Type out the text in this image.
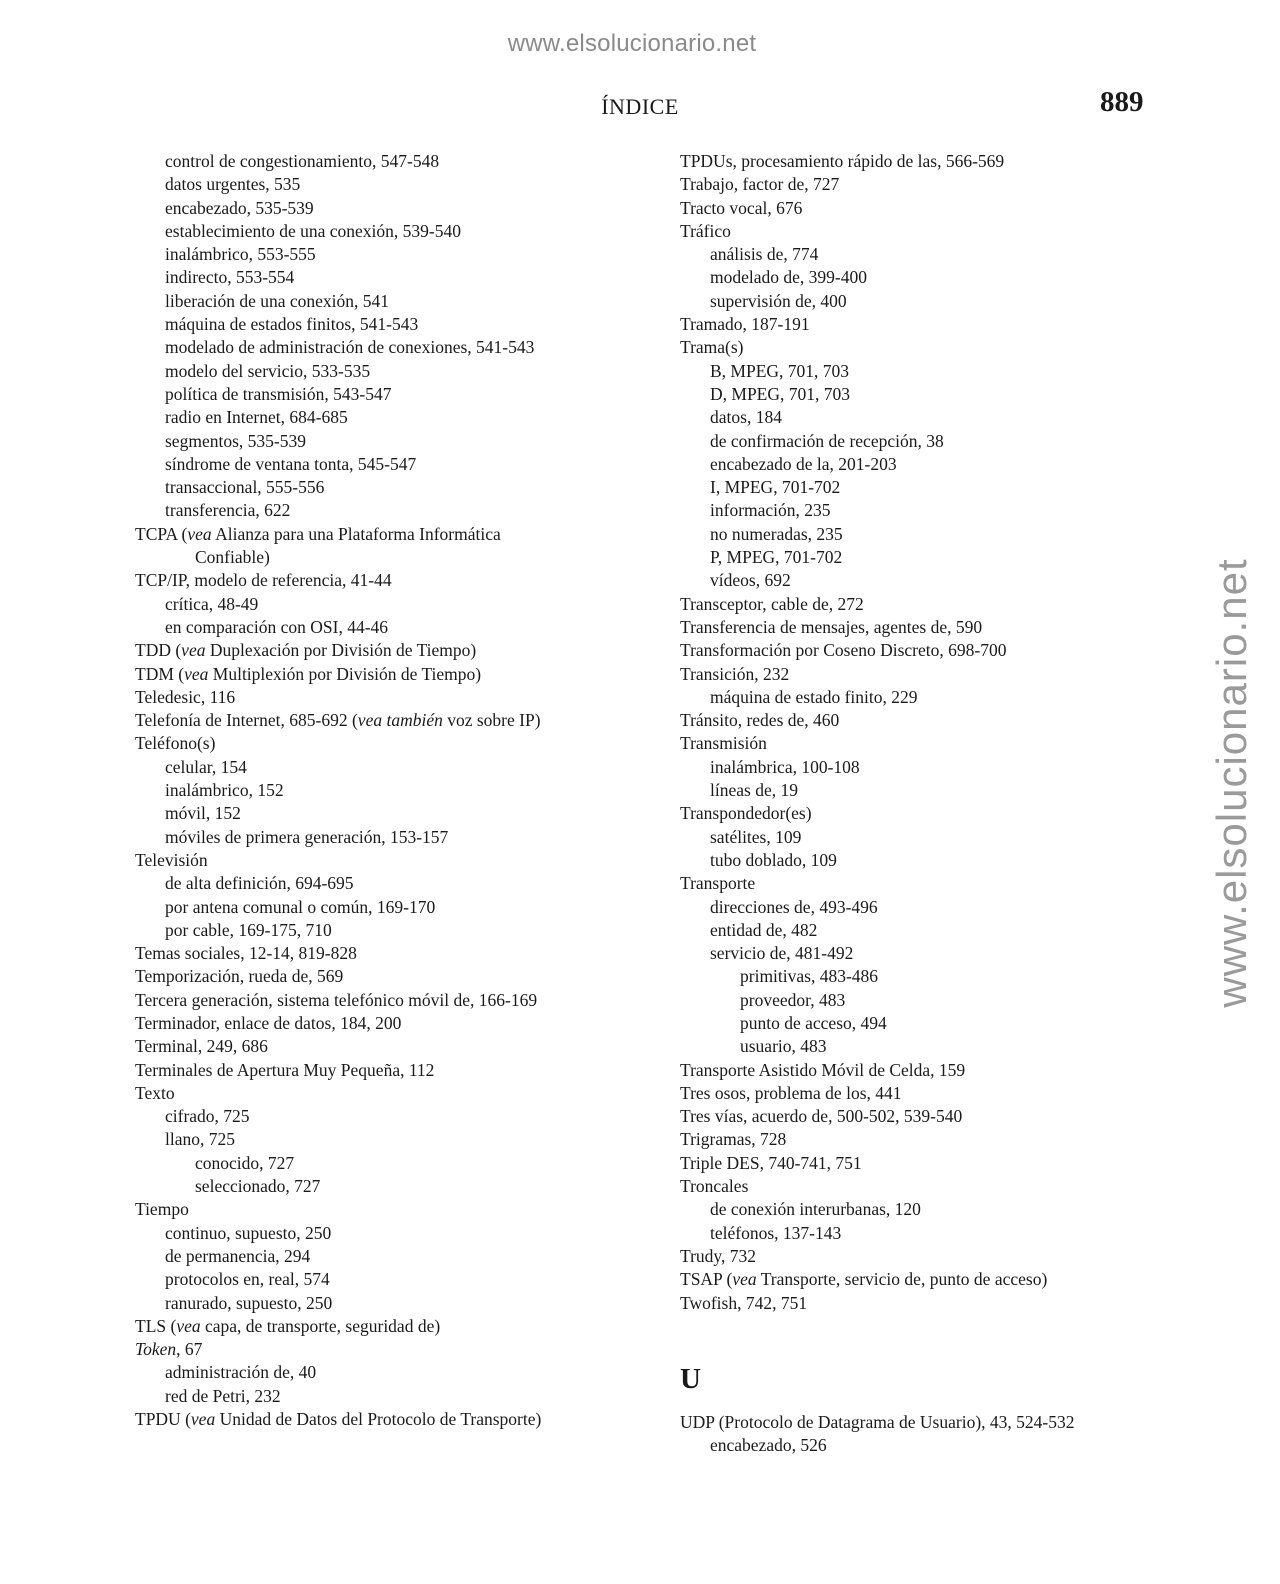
www.elsolucionario.net
www.elsolucionario.net
ÍNDICE	889
control de congestionamiento, 547-548
datos urgentes, 535
encabezado, 535-539
establecimiento de una conexión, 539-540
inalámbrico, 553-555
indirecto, 553-554
liberación de una conexión, 541
máquina de estados finitos, 541-543
modelado de administración de conexiones, 541-543
modelo del servicio, 533-535
política de transmisión, 543-547
radio en Internet, 684-685
segmentos, 535-539
síndrome de ventana tonta, 545-547
transaccional, 555-556
transferencia, 622
TCPA (vea Alianza para una Plataforma Informática
Confiable)
TCP/IP, modelo de referencia, 41-44
crítica, 48-49
en comparación con OSI, 44-46
TDD (vea Duplexación por División de Tiempo)
TDM (vea Multiplexión por División de Tiempo)
Teledesic, 116
Telefonía de Internet, 685-692 (vea también voz sobre IP)
Teléfono(s)
celular, 154
inalámbrico, 152
móvil, 152
móviles de primera generación, 153-157
Televisión
de alta definición, 694-695
por antena comunal o común, 169-170
por cable, 169-175, 710
Temas sociales, 12-14, 819-828
Temporización, rueda de, 569
Tercera generación, sistema telefónico móvil de, 166-169
Terminador, enlace de datos, 184, 200
Terminal, 249, 686
Terminales de Apertura Muy Pequeña, 112
Texto
cifrado, 725
llano, 725
conocido, 727
seleccionado, 727
Tiempo
continuo, supuesto, 250
de permanencia, 294
protocolos en, real, 574
ranurado, supuesto, 250
TLS (vea capa, de transporte, seguridad de)
Token, 67
administración de, 40
red de Petri, 232
TPDU (vea Unidad de Datos del Protocolo de Transporte)
TPDUs, procesamiento rápido de las, 566-569
Trabajo, factor de, 727
Tracto vocal, 676
Tráfico
análisis de, 774
modelado de, 399-400
supervisión de, 400
Tramado, 187-191
Trama(s)
B, MPEG, 701, 703
D, MPEG, 701, 703
datos, 184
de confirmación de recepción, 38
encabezado de la, 201-203
I, MPEG, 701-702
información, 235
no numeradas, 235
P, MPEG, 701-702
vídeos, 692
Transceptor, cable de, 272
Transferencia de mensajes, agentes de, 590
Transformación por Coseno Discreto, 698-700
Transición, 232
máquina de estado finito, 229
Tránsito, redes de, 460
Transmisión
inalámbrica, 100-108
líneas de, 19
Transpondedor(es)
satélites, 109
tubo doblado, 109
Transporte
direcciones de, 493-496
entidad de, 482
servicio de, 481-492
primitivas, 483-486
proveedor, 483
punto de acceso, 494
usuario, 483
Transporte Asistido Móvil de Celda, 159
Tres osos, problema de los, 441
Tres vías, acuerdo de, 500-502, 539-540
Trigramas, 728
Triple DES, 740-741, 751
Troncales
de conexión interurbanas, 120
teléfonos, 137-143
Trudy, 732
TSAP (vea Transporte, servicio de, punto de acceso)
Twofish, 742, 751
U
UDP (Protocolo de Datagrama de Usuario), 43, 524-532
encabezado, 526
